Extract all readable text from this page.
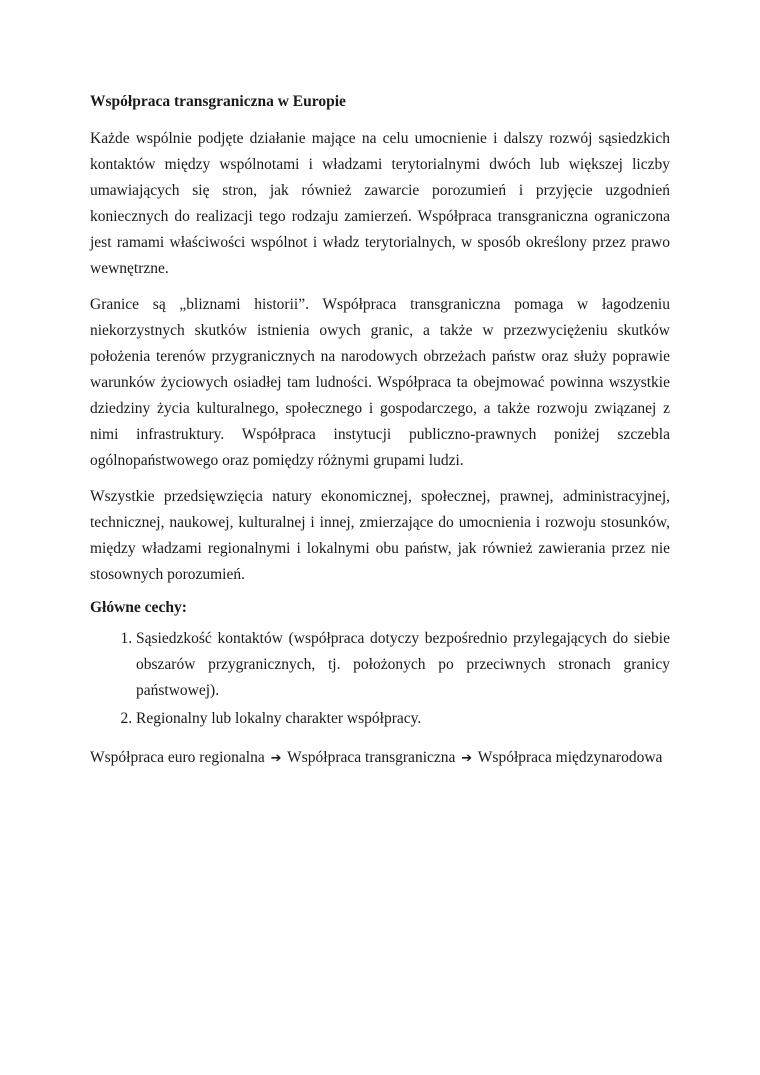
Współpraca transgraniczna w Europie

Każde wspólnie podjęte działanie mające na celu umocnienie i dalszy rozwój sąsiedzkich kontaktów między wspólnotami i władzami terytorialnymi dwóch lub większej liczby umawiających się stron, jak również zawarcie porozumień i przyjęcie uzgodnień koniecznych do realizacji tego rodzaju zamierzeń. Współpraca transgraniczna ograniczona jest ramami właściwości wspólnot i władz terytorialnych, w sposób określony przez prawo wewnętrzne.

Granice są „bliznami historii”. Współpraca transgraniczna pomaga w łagodzeniu niekorzystnych skutków istnienia owych granic, a także w przezwyciężeniu skutków położenia terenów przygranicznych na narodowych obrzeżach państw oraz służy poprawie warunków życiowych osiadłej tam ludności. Współpraca ta obejmować powinna wszystkie dziedziny życia kulturalnego, społecznego i gospodarczego, a także rozwoju związanej z nimi infrastruktury. Współpraca instytucji publiczno-prawnych poniżej szczebla ogólnopaństwowego oraz pomiędzy różnymi grupami ludzi.

Wszystkie przedsięwzięcia natury ekonomicznej, społecznej, prawnej, administracyjnej, technicznej, naukowej, kulturalnej i innej, zmierzające do umocnienia i rozwoju stosunków, między władzami regionalnymi i lokalnymi obu państw, jak również zawierania przez nie stosownych porozumień.

Główne cechy:
1. Sąsiedzkość kontaktów (współpraca dotyczy bezpośrednio przylegających do siebie obszarów przygranicznych, tj. położonych po przeciwnych stronach granicy państwowej).
2. Regionalny lub lokalny charakter współpracy.
Współpraca euro regionalna ➔ Współpraca transgraniczna ➔ Współpraca międzynarodowa
